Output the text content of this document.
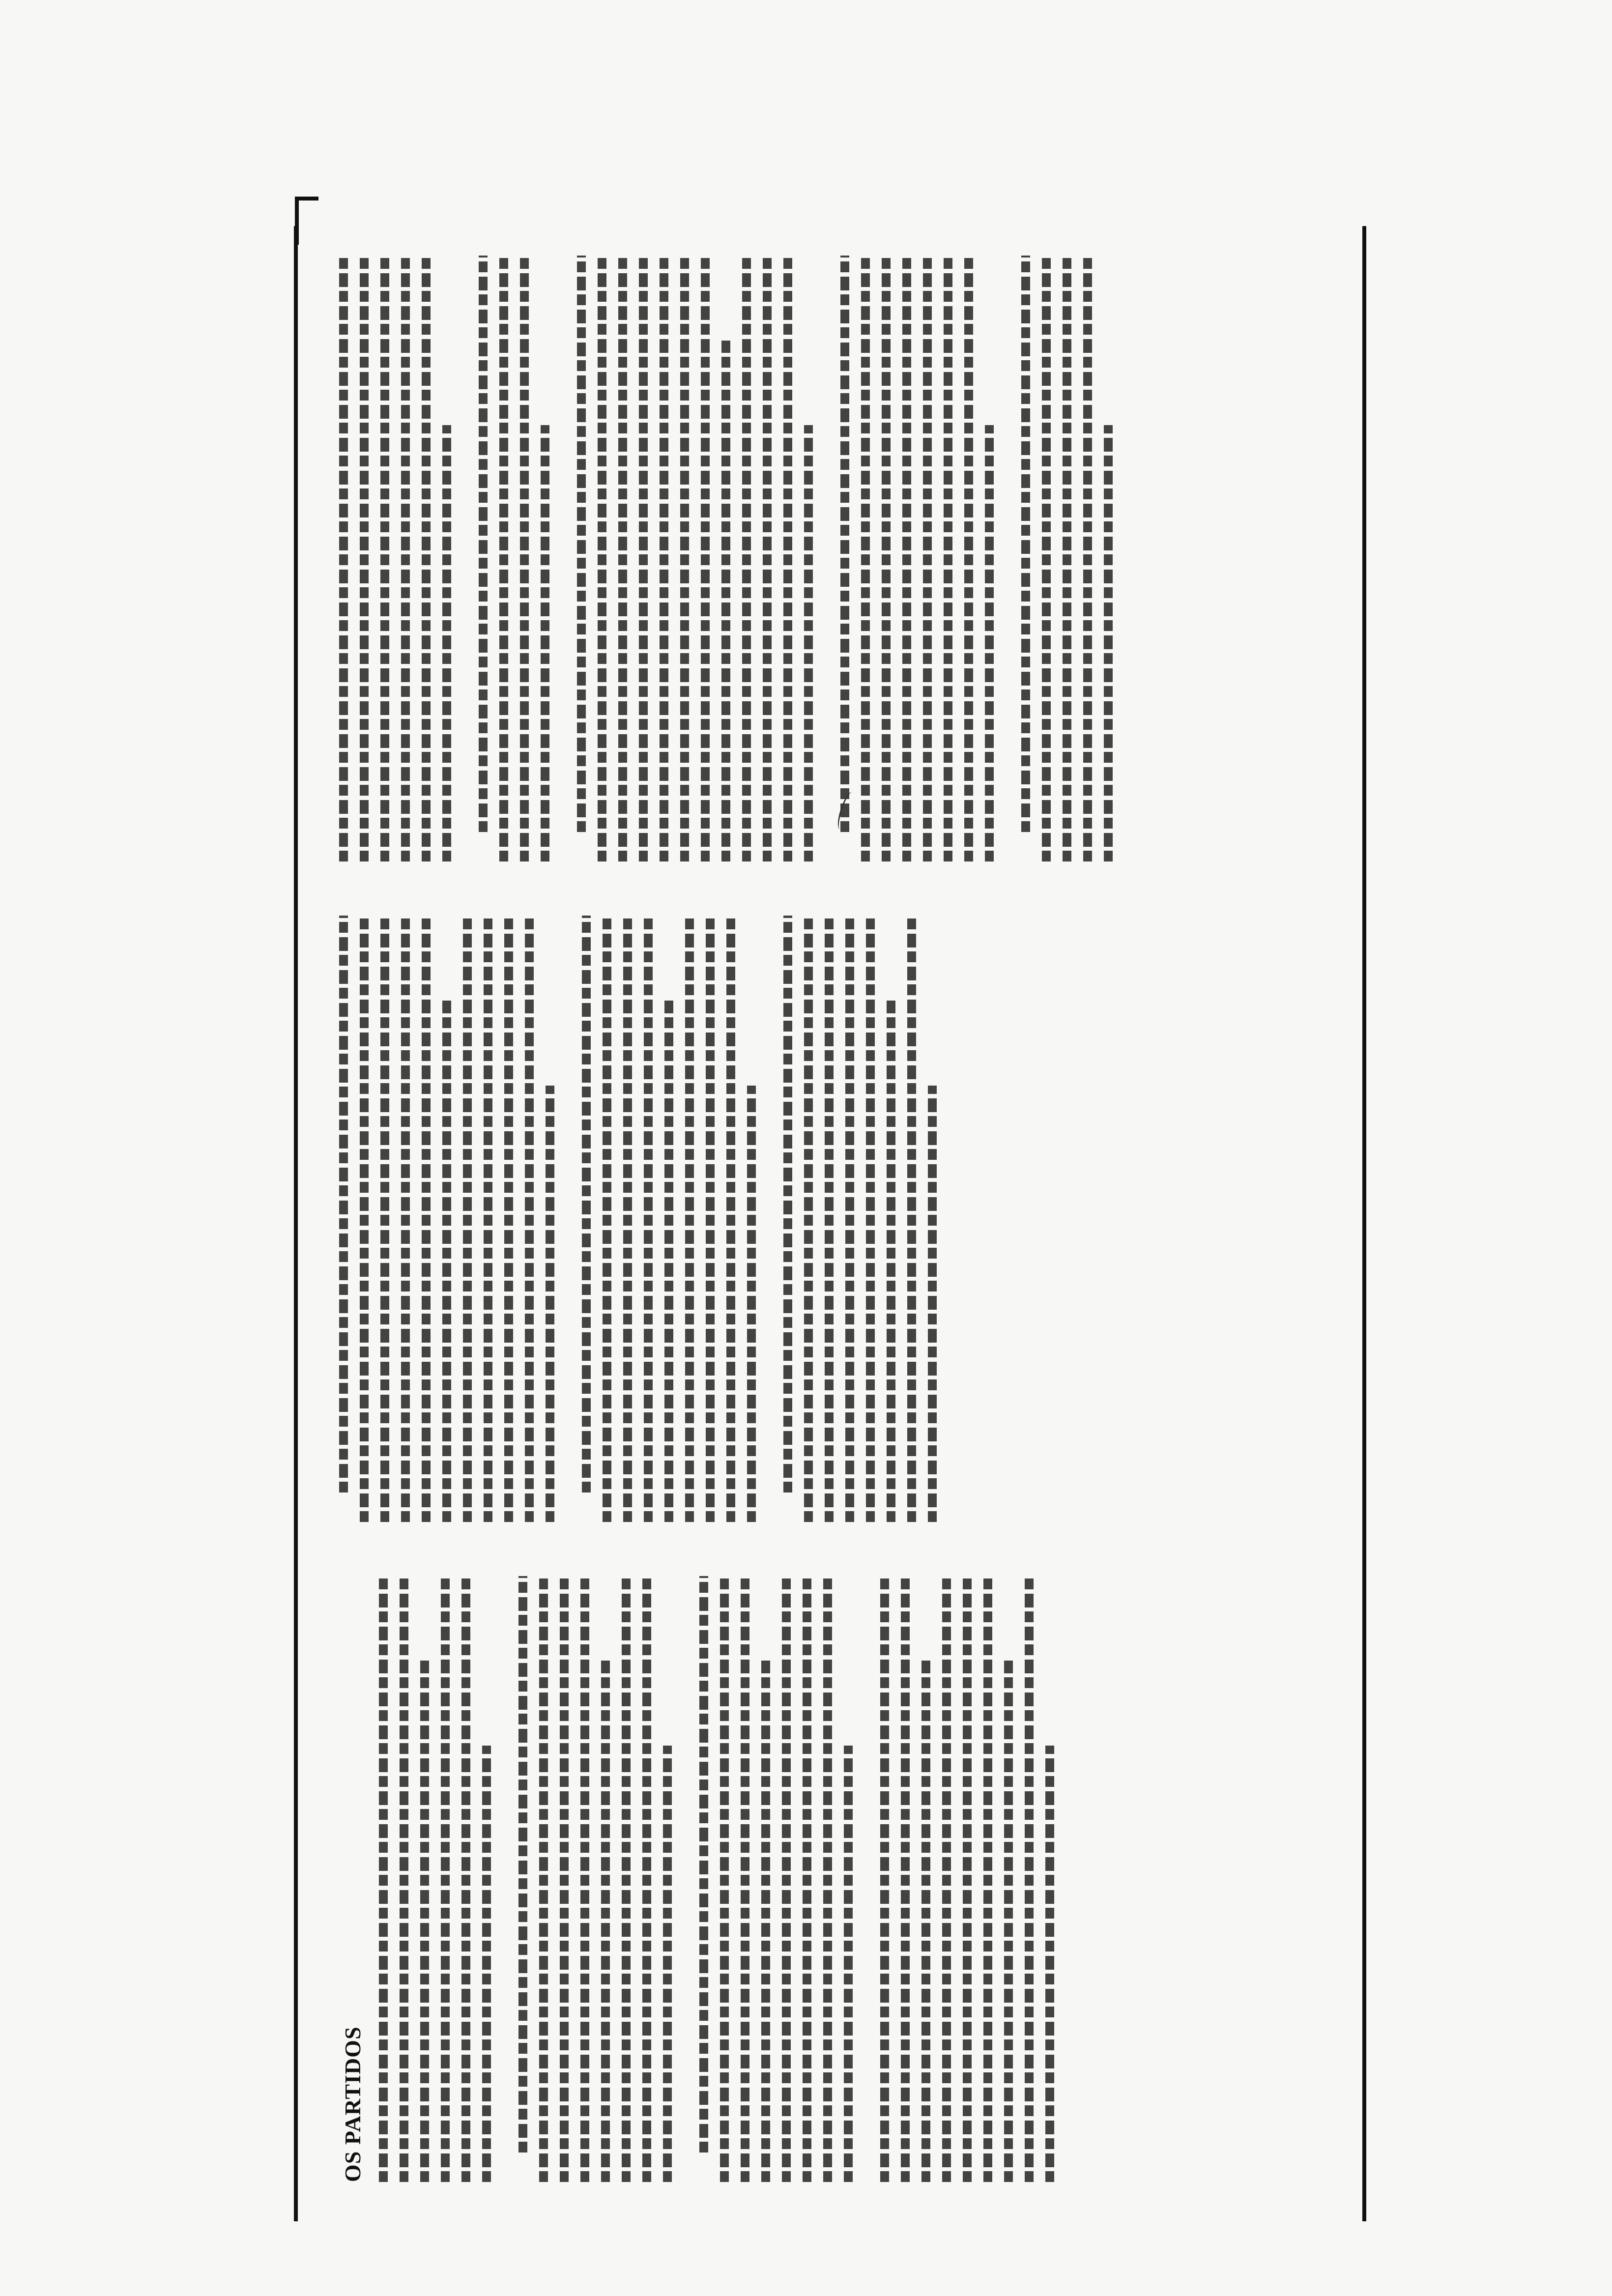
OS PARTIDOS
